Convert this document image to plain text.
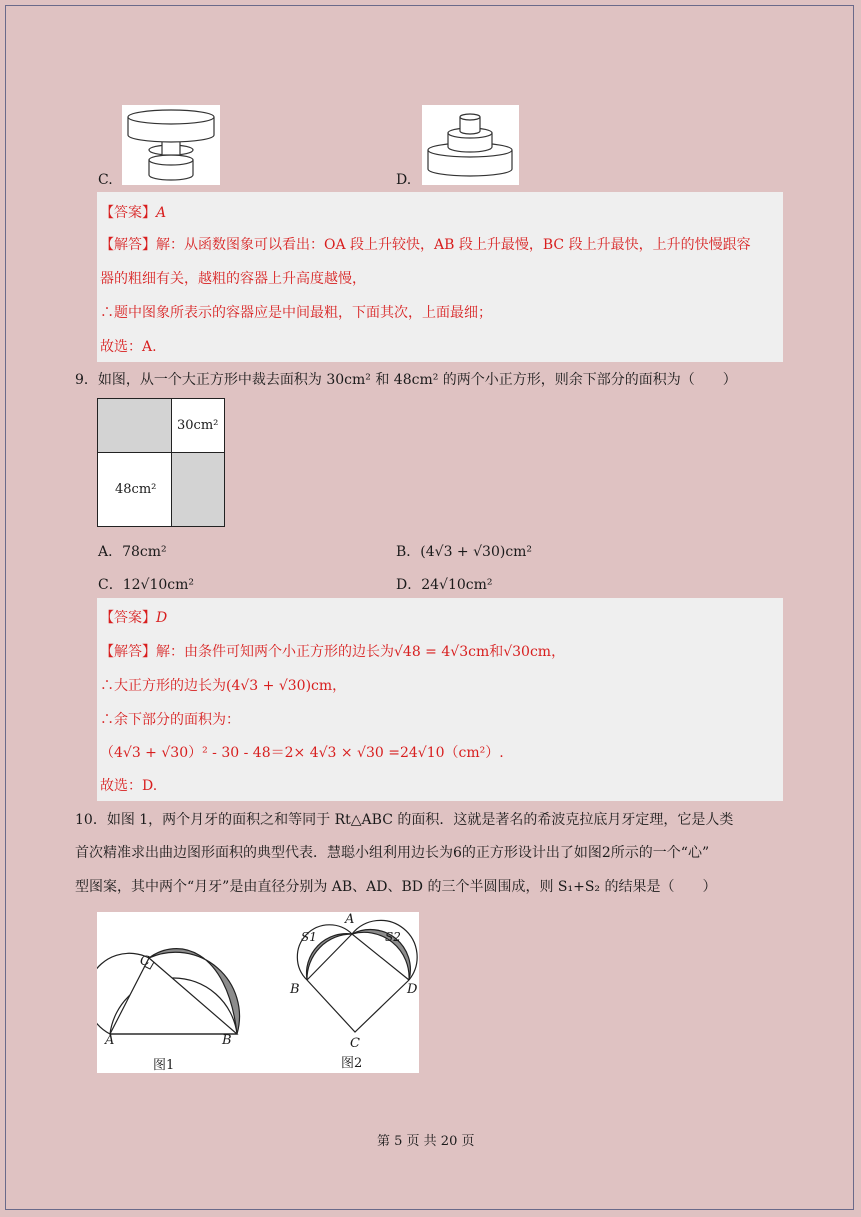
C.	D.
【答案】A
【解答】解：从函数图象可以看出：OA 段上升较快，AB 段上升最慢，BC 段上升最快，上升的快慢跟容
器的粗细有关，越粗的容器上升高度越慢，
∴题中图象所表示的容器应是中间最粗，下面其次，上面最细；
故选：A.
9．如图，从一个大正方形中裁去面积为 30cm² 和 48cm² 的两个小正方形，则余下部分的面积为（　　）
30cm²
48cm²
A．78cm²	B．(4√3 + √30)cm²
C．12√10cm²	D．24√10cm²
【答案】D
【解答】解：由条件可知两个小正方形的边长为√48 = 4√3cm和√30cm，
∴大正方形的边长为(4√3 + √30)cm，
∴余下部分的面积为：
（4√3 + √30）² - 30 - 48＝2× 4√3 × √30 =24√10（cm²）.
故选：D.
10．如图 1，两个月牙的面积之和等同于 Rt△ABC 的面积．这就是著名的希波克拉底月牙定理，它是人类
首次精准求出曲边图形面积的典型代表．慧聪小组利用边长为6的正方形设计出了如图2所示的一个“心”
型图案，其中两个“月牙”是由直径分别为 AB、AD、BD 的三个半圆围成，则 S₁+S₂ 的结果是（　　）
C
A	B
图1
A
S1	S2
B	D
C
图2
第 5 页 共 20 页
